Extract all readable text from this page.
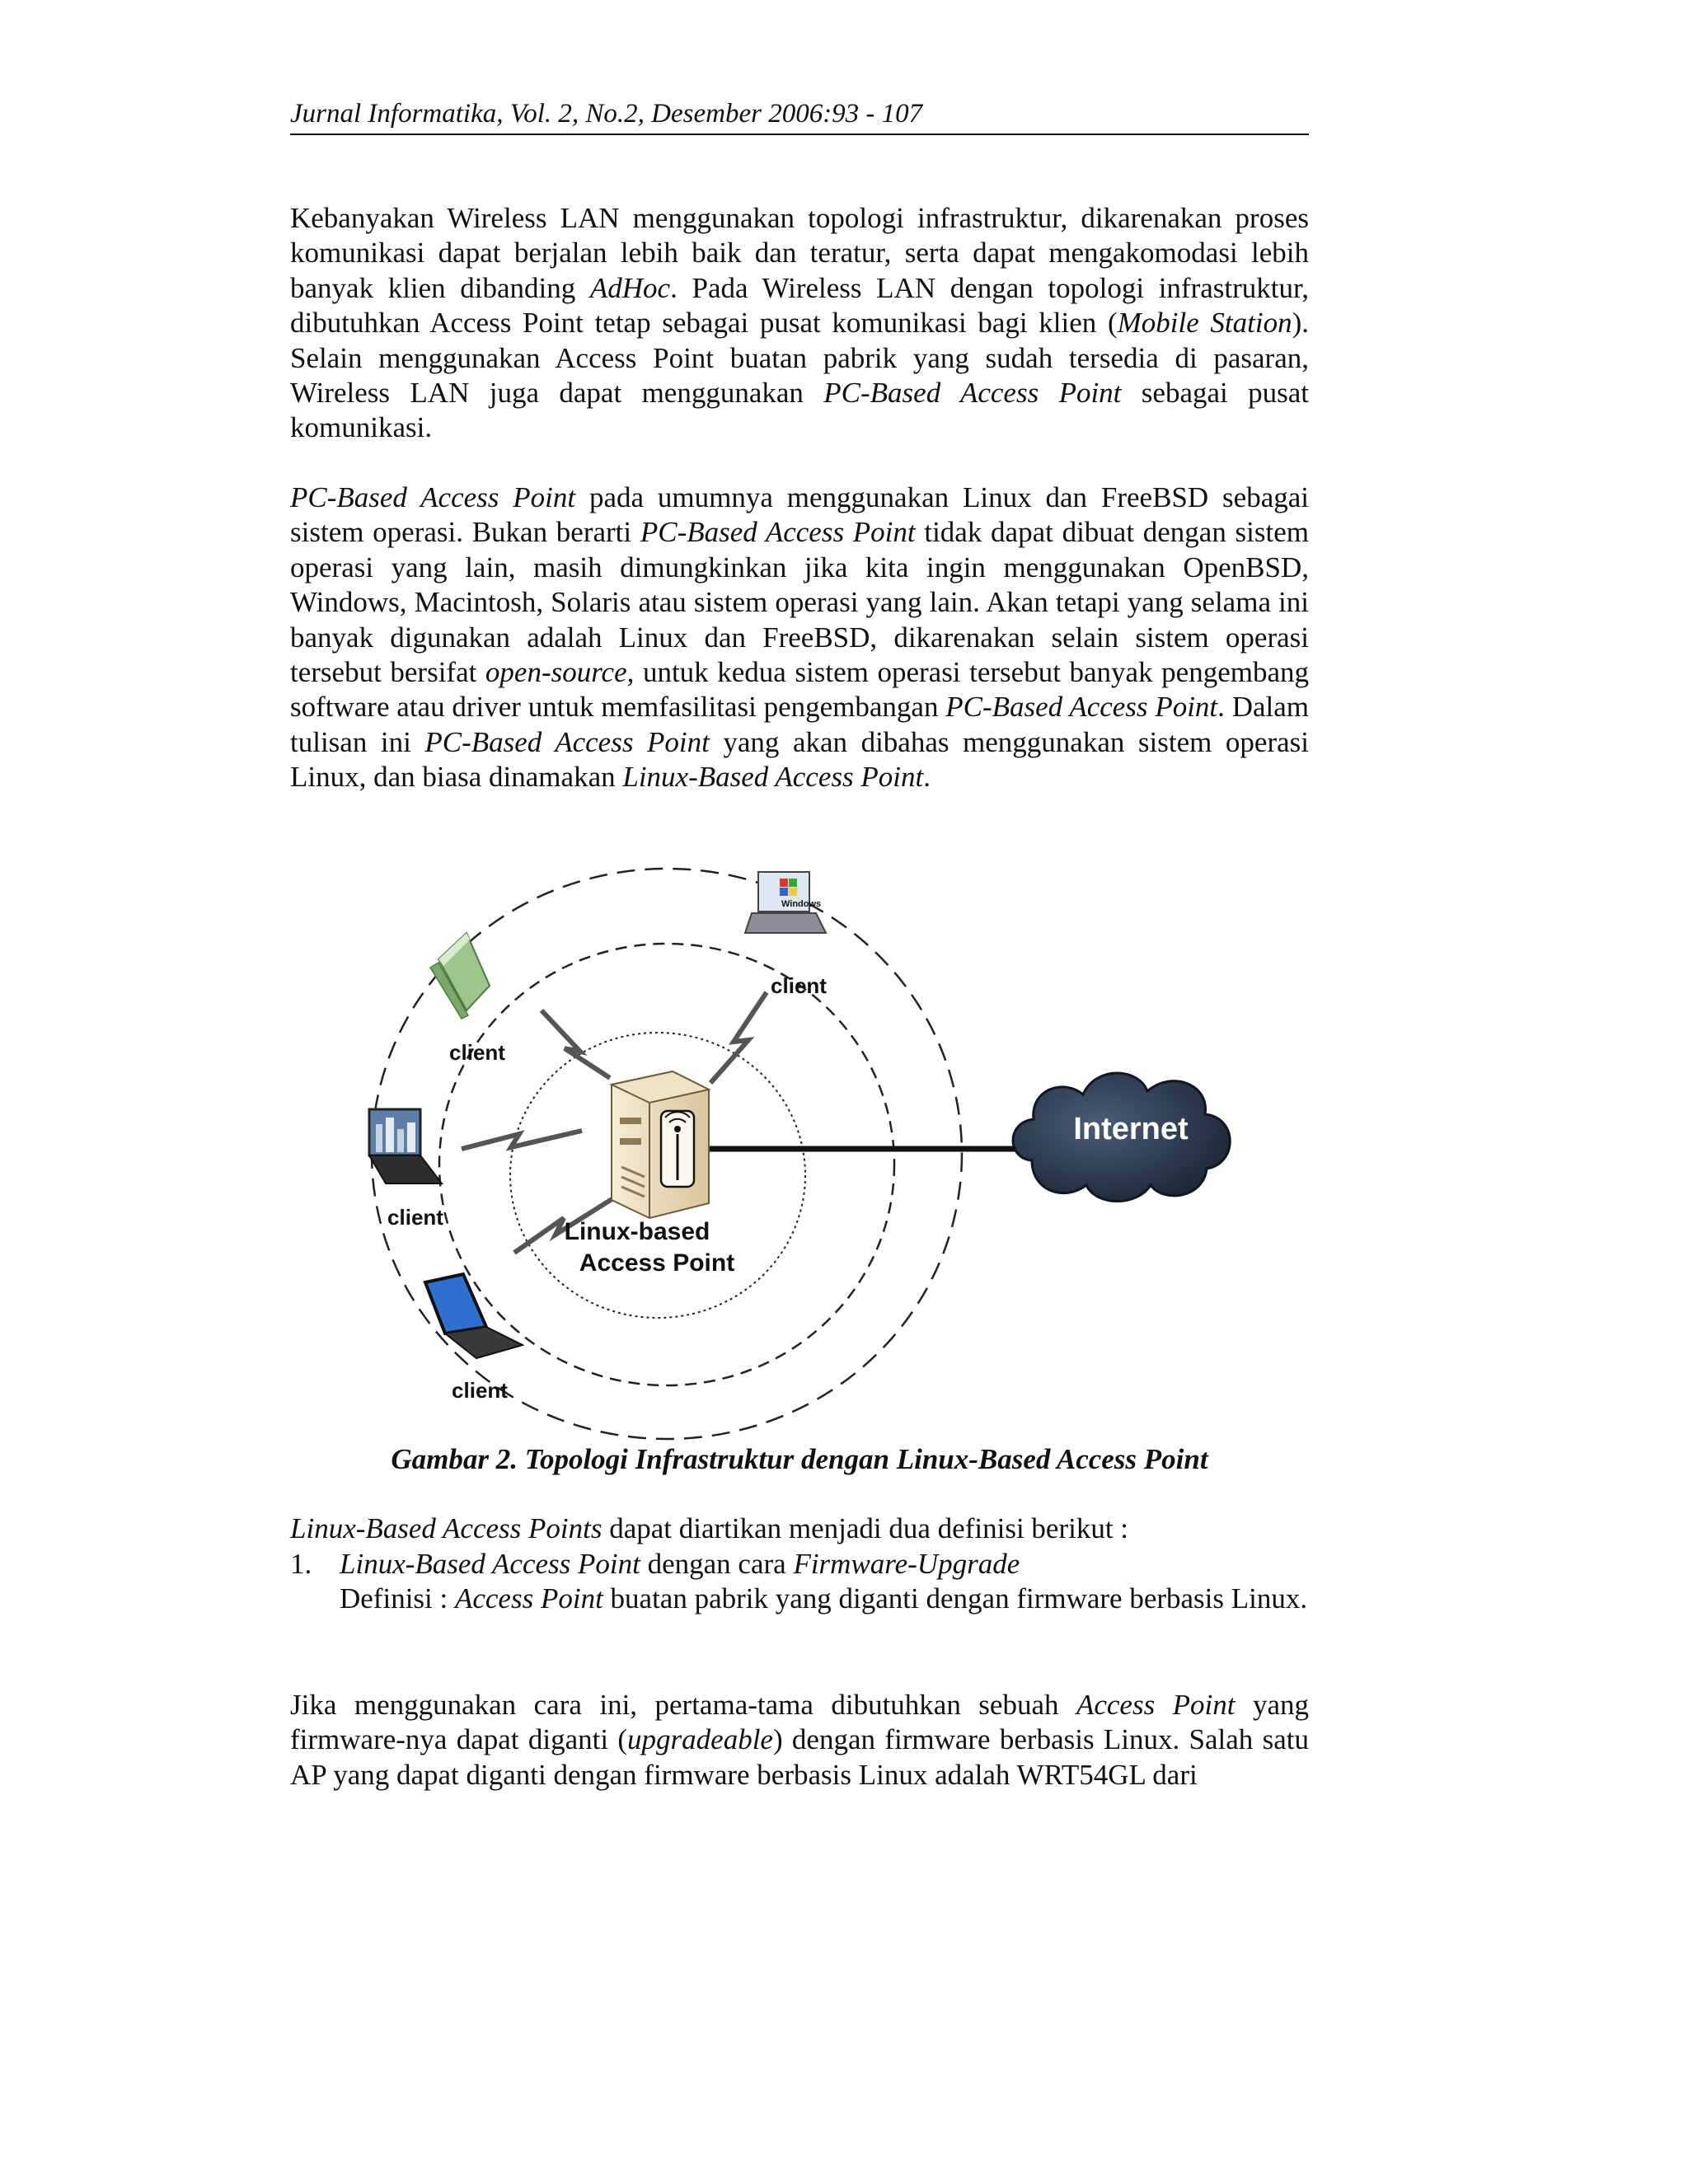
Jurnal Informatika, Vol. 2, No.2, Desember 2006:93 - 107

Kebanyakan Wireless LAN menggunakan topologi infrastruktur, dikarenakan proses komunikasi dapat berjalan lebih baik dan teratur, serta dapat mengakomodasi lebih banyak klien dibanding AdHoc. Pada Wireless LAN dengan topologi infrastruktur, dibutuhkan Access Point tetap sebagai pusat komunikasi bagi klien (Mobile Station). Selain menggunakan Access Point buatan pabrik yang sudah tersedia di pasaran, Wireless LAN juga dapat menggunakan PC-Based Access Point sebagai pusat komunikasi.

PC-Based Access Point pada umumnya menggunakan Linux dan FreeBSD sebagai sistem operasi. Bukan berarti PC-Based Access Point tidak dapat dibuat dengan sistem operasi yang lain, masih dimungkinkan jika kita ingin menggunakan OpenBSD, Windows, Macintosh, Solaris atau sistem operasi yang lain. Akan tetapi yang selama ini banyak digunakan adalah Linux dan FreeBSD, dikarenakan selain sistem operasi tersebut bersifat open-source, untuk kedua sistem operasi tersebut banyak pengembang software atau driver untuk memfasilitasi pengembangan PC-Based Access Point. Dalam tulisan ini PC-Based Access Point yang akan dibahas menggunakan sistem operasi Linux, dan biasa dinamakan Linux-Based Access Point.

Linux-based
Access Point
Internet
client
Windows
client
client
client
Gambar 2. Topologi Infrastruktur dengan Linux-Based Access Point
Linux-Based Access Points dapat diartikan menjadi dua definisi berikut :
1. Linux-Based Access Point dengan cara Firmware-Upgrade
Definisi : Access Point buatan pabrik yang diganti dengan firmware berbasis Linux.

Jika menggunakan cara ini, pertama-tama dibutuhkan sebuah Access Point yang firmware-nya dapat diganti (upgradeable) dengan firmware berbasis Linux. Salah satu AP yang dapat diganti dengan firmware berbasis Linux adalah WRT54GL dari
